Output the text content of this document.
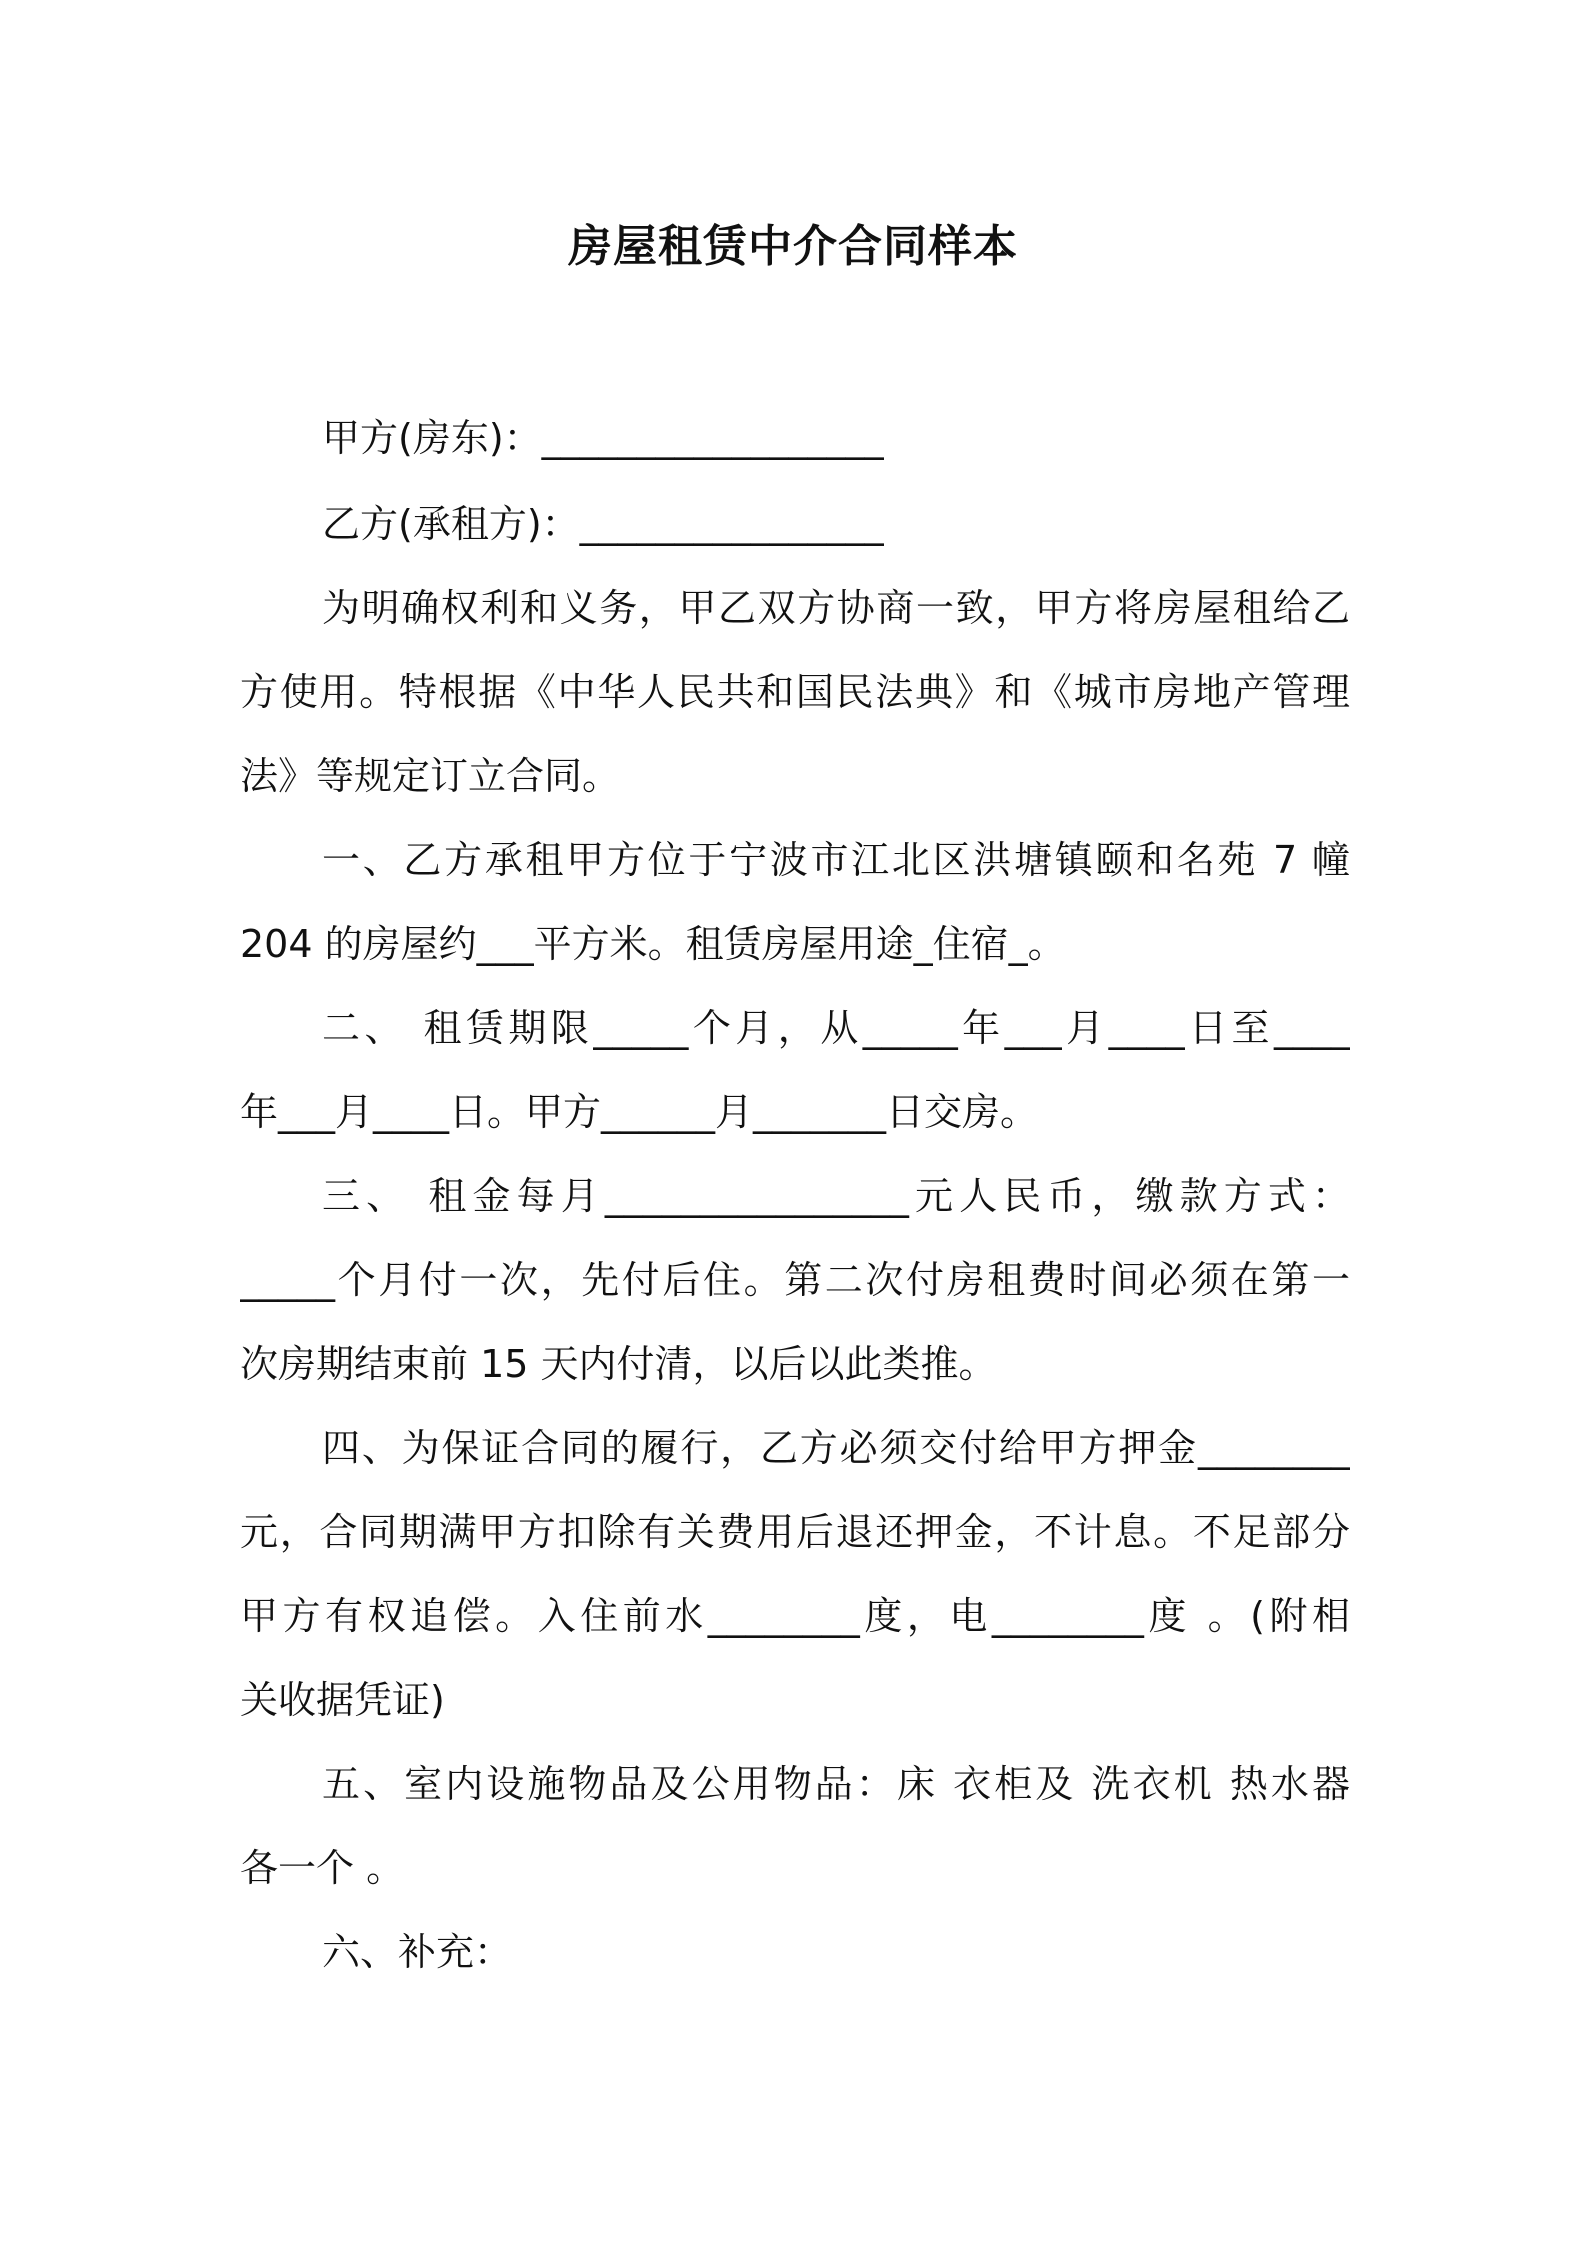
房屋租赁中介合同样本
甲方(房东)：__________________
乙方(承租方)：________________
为明确权利和义务，甲乙双方协商一致，甲方将房屋租给乙
方使用。特根据《中华人民共和国民法典》和《城市房地产管理
法》等规定订立合同。
一、乙方承租甲方位于宁波市江北区洪塘镇颐和名苑 7 幢
204 的房屋约___平方米。租赁房屋用途_住宿_。
二、 租赁期限_____个月，从_____年___月____日至____
年___月____日。甲方______月_______日交房。
三、 租金每月________________元人民币，缴款方式：
_____个月付一次，先付后住。第二次付房租费时间必须在第一
次房期结束前 15 天内付清，以后以此类推。
四、为保证合同的履行，乙方必须交付给甲方押金________
元，合同期满甲方扣除有关费用后退还押金，不计息。不足部分
甲方有权追偿。入住前水________度，电________度 。(附相
关收据凭证)
五、室内设施物品及公用物品：床 衣柜及 洗衣机 热水器
各一个 。
六、补充：
